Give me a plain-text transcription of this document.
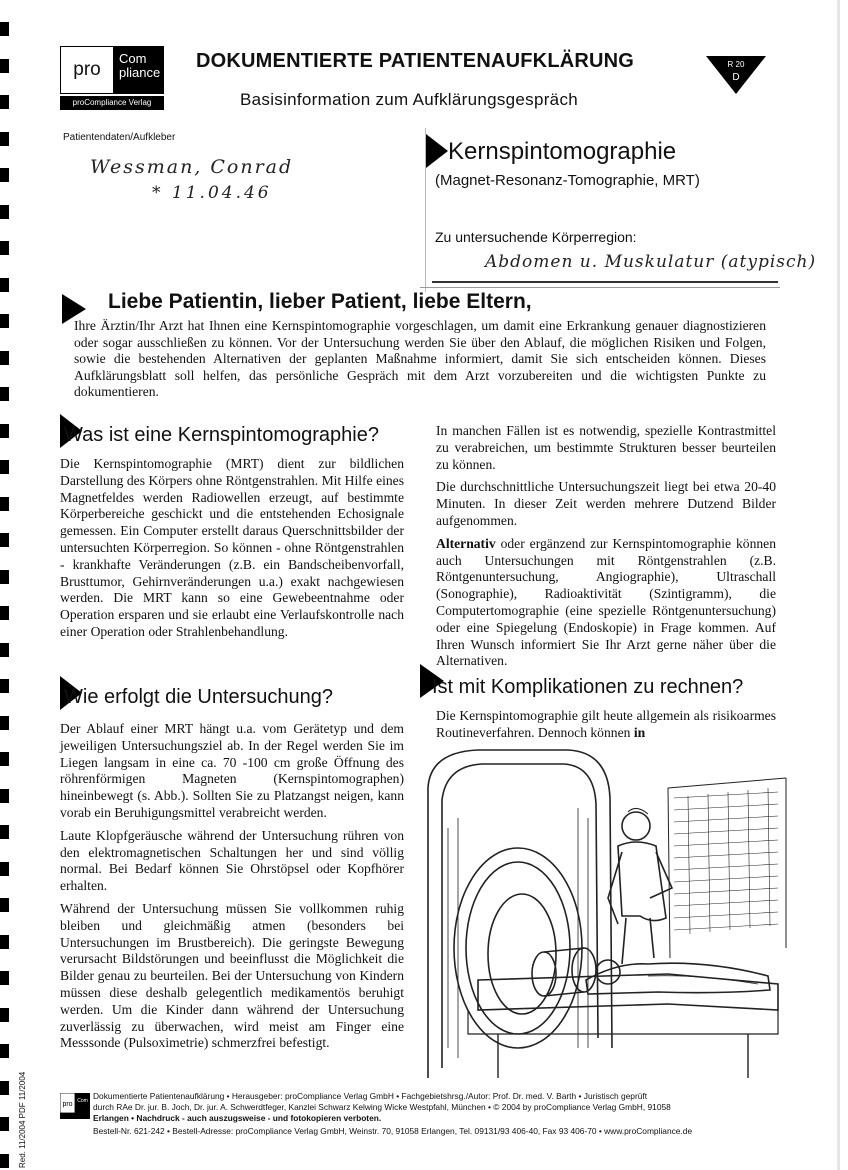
pro
Com pliance
proCompliance Verlag GmbH
DOKUMENTIERTE PATIENTENAUFKLÄRUNG
Basisinformation zum Aufklärungsgespräch
R 20
D
Patientendaten/Aufkleber
Wessman, Conrad
* 11.04.46
Kernspintomographie
(Magnet-Resonanz-Tomographie, MRT)
Zu untersuchende Körperregion:
Abdomen u. Muskulatur (atypisch)
Liebe Patientin, lieber Patient, liebe Eltern,
Ihre Ärztin/Ihr Arzt hat Ihnen eine Kernspintomographie vorgeschlagen, um damit eine Erkrankung genauer diagnostizieren oder sogar ausschließen zu können. Vor der Untersuchung werden Sie über den Ablauf, die möglichen Risiken und Folgen, sowie die bestehenden Alternativen der geplanten Maßnahme informiert, damit Sie sich entscheiden können. Dieses Aufklärungsblatt soll helfen, das persönliche Gespräch mit dem Arzt vorzubereiten und die wichtigsten Punkte zu dokumentieren.
Was ist eine Kernspintomographie?
Die Kernspintomographie (MRT) dient zur bildlichen Darstellung des Körpers ohne Röntgenstrahlen. Mit Hilfe eines Magnetfeldes werden Radiowellen erzeugt, auf bestimmte Körperbereiche geschickt und die entstehenden Echosignale gemessen. Ein Computer erstellt daraus Querschnittsbilder der untersuchten Körperregion. So können - ohne Röntgenstrahlen - krankhafte Veränderungen (z.B. ein Bandscheibenvorfall, Brusttumor, Gehirnveränderungen u.a.) exakt nachgewiesen werden. Die MRT kann so eine Gewebeentnahme oder Operation ersparen und sie erlaubt eine Verlaufskontrolle nach einer Operation oder Strahlenbehandlung.
Wie erfolgt die Untersuchung?

Der Ablauf einer MRT hängt u.a. vom Gerätetyp und dem jeweiligen Untersuchungsziel ab. In der Regel werden Sie im Liegen langsam in eine ca. 70 -100 cm große Öffnung des röhrenförmigen Magneten (Kernspintomographen) hineinbewegt (s. Abb.). Sollten Sie zu Platzangst neigen, kann vorab ein Beruhigungsmittel verabreicht werden.

Laute Klopfgeräusche während der Untersuchung rühren von den elektromagnetischen Schaltungen her und sind völlig normal. Bei Bedarf können Sie Ohrstöpsel oder Kopfhörer erhalten.

Während der Untersuchung müssen Sie vollkommen ruhig bleiben und gleichmäßig atmen (besonders bei Untersuchungen im Brustbereich). Die geringste Bewegung verursacht Bildstörungen und beeinflusst die Möglichkeit die Bilder genau zu beurteilen. Bei der Untersuchung von Kindern müssen diese deshalb gelegentlich medikamentös beruhigt werden. Um die Kinder dann während der Untersuchung zuverlässig zu überwachen, wird meist am Finger eine Messsonde (Pulsoximetrie) schmerzfrei befestigt.

In manchen Fällen ist es notwendig, spezielle Kontrastmittel zu verabreichen, um bestimmte Strukturen besser beurteilen zu können.

Die durchschnittliche Untersuchungszeit liegt bei etwa 20-40 Minuten. In dieser Zeit werden mehrere Dutzend Bilder aufgenommen.

Alternativ oder ergänzend zur Kernspintomographie können auch Untersuchungen mit Röntgenstrahlen (z.B. Röntgenuntersuchung, Angiographie), Ultraschall (Sonographie), Radioaktivität (Szintigramm), die Computertomographie (eine spezielle Röntgenuntersuchung) oder eine Spiegelung (Endoskopie) in Frage kommen. Auf Ihren Wunsch informiert Sie Ihr Arzt gerne näher über die Alternativen.

Ist mit Komplikationen zu rechnen?
Die Kernspintomographie gilt heute allgemein als risikoarmes Routineverfahren. Dennoch können in
pro Com Dokumentierte Patientenaufklärung • Herausgeber: proCompliance Verlag GmbH • Fachgebietshrsg./Autor: Prof. Dr. med. V. Barth • Juristisch geprüft
durch RAe Dr. jur. B. Joch, Dr. jur. A. Schwerdtfeger, Kanzlei Schwarz Kelwing Wicke Westpfahl, München • © 2004 by proCompliance Verlag GmbH, 91058
Erlangen • Nachdruck - auch auszugsweise - und fotokopieren verboten.
Bestell-Nr. 621-242 • Bestell-Adresse: proCompliance Verlag GmbH, Weinstr. 70, 91058 Erlangen, Tel. 09131/93 406-40, Fax 93 406-70 • www.proCompliance.de
Red. 11/2004 PDF 11/2004
